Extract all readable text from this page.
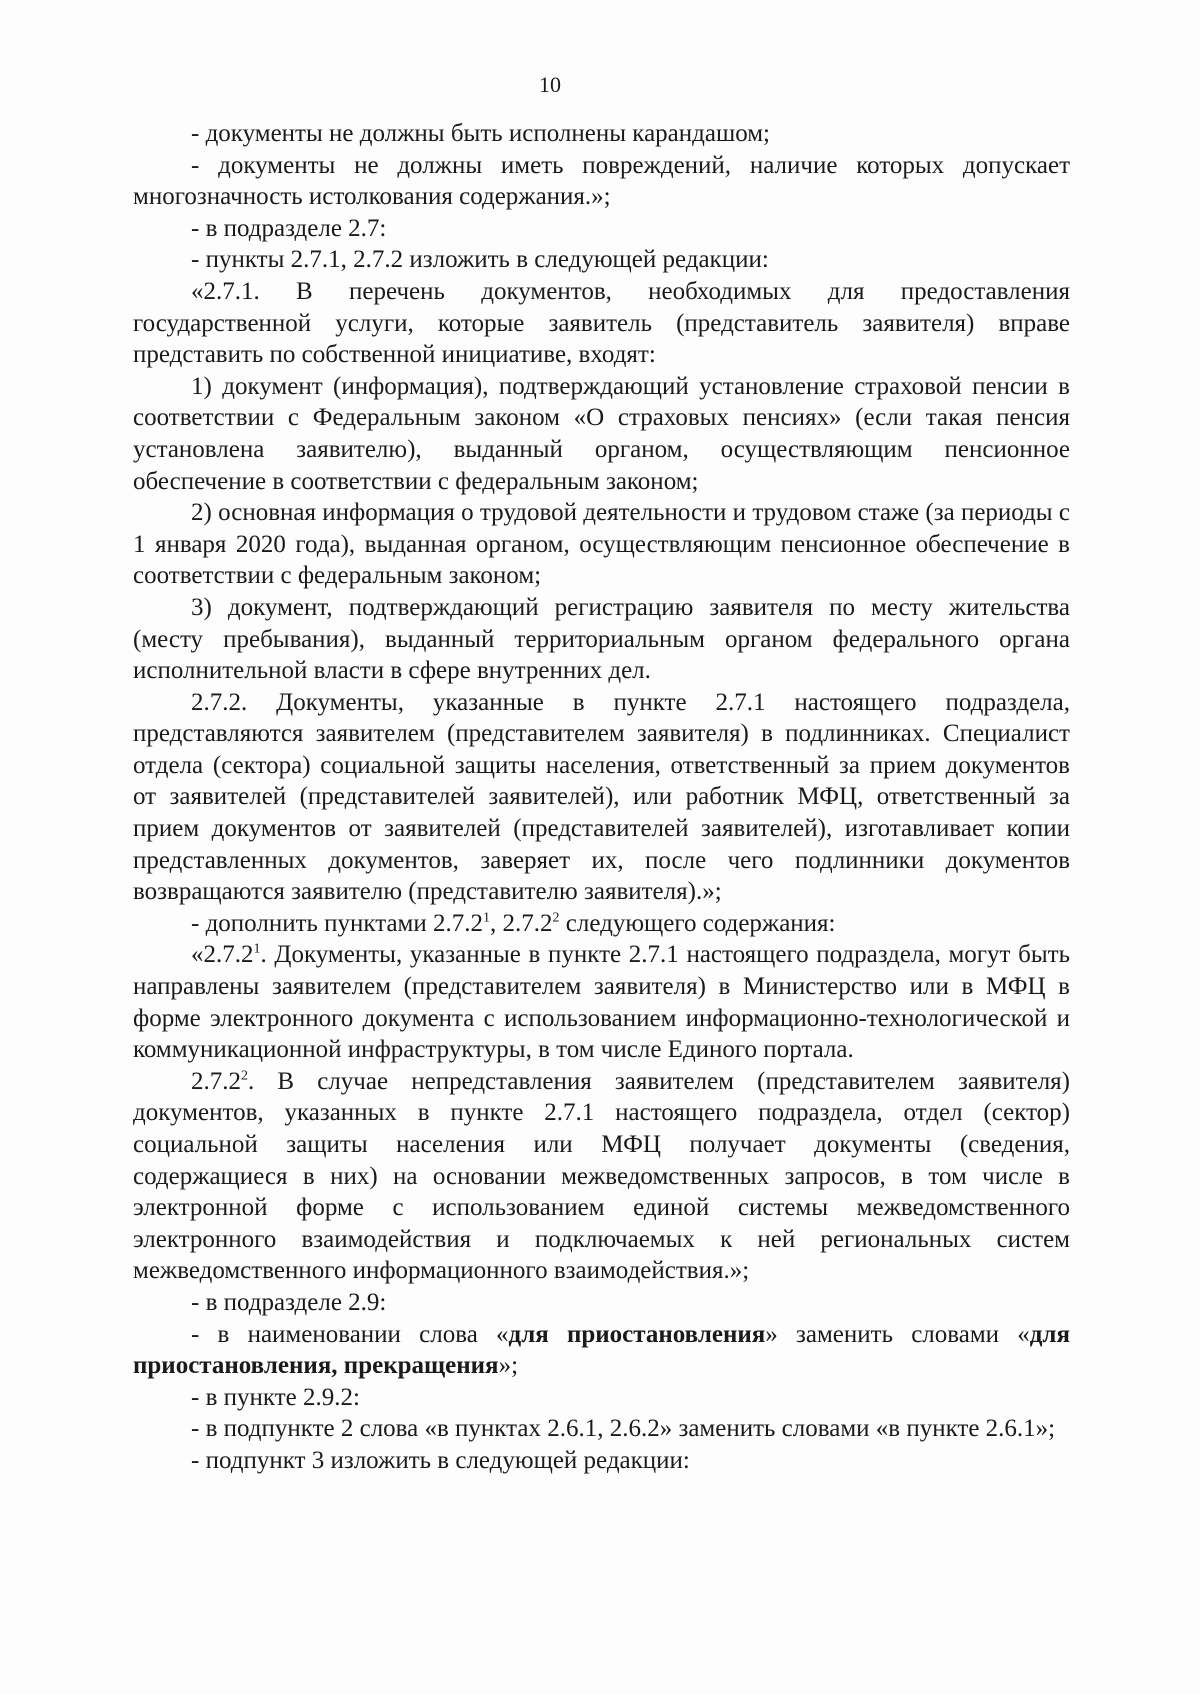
10

- документы не должны быть исполнены карандашом;

- документы не должны иметь повреждений, наличие которых допускает многозначность истолкования содержания.»;

- в подразделе 2.7:

- пункты 2.7.1, 2.7.2 изложить в следующей редакции:

«2.7.1. В перечень документов, необходимых для предоставления государственной услуги, которые заявитель (представитель заявителя) вправе представить по собственной инициативе, входят:

1) документ (информация), подтверждающий установление страховой пенсии в соответствии с Федеральным законом «О страховых пенсиях» (если такая пенсия установлена заявителю), выданный органом, осуществляющим пенсионное обеспечение в соответствии с федеральным законом;

2) основная информация о трудовой деятельности и трудовом стаже (за периоды с 1 января 2020 года), выданная органом, осуществляющим пенсионное обеспечение в соответствии с федеральным законом;

3) документ, подтверждающий регистрацию заявителя по месту жительства (месту пребывания), выданный территориальным органом федерального органа исполнительной власти в сфере внутренних дел.

2.7.2. Документы, указанные в пункте 2.7.1 настоящего подраздела, представляются заявителем (представителем заявителя) в подлинниках. Специалист отдела (сектора) социальной защиты населения, ответственный за прием документов от заявителей (представителей заявителей), или работник МФЦ, ответственный за прием документов от заявителей (представителей заявителей), изготавливает копии представленных документов, заверяет их, после чего подлинники документов возвращаются заявителю (представителю заявителя).»;

- дополнить пунктами 2.7.2$^1$, 2.7.2$^2$ следующего содержания:

«2.7.2$^1$. Документы, указанные в пункте 2.7.1 настоящего подраздела, могут быть направлены заявителем (представителем заявителя) в Министерство или в МФЦ в форме электронного документа с использованием информационно-технологической и коммуникационной инфраструктуры, в том числе Единого портала.

2.7.2$^2$. В случае непредставления заявителем (представителем заявителя) документов, указанных в пункте 2.7.1 настоящего подраздела, отдел (сектор) социальной защиты населения или МФЦ получает документы (сведения, содержащиеся в них) на основании межведомственных запросов, в том числе в электронной форме с использованием единой системы межведомственного электронного взаимодействия и подключаемых к ней региональных систем межведомственного информационного взаимодействия.»;

- в подразделе 2.9:

- в наименовании слова «для приостановления» заменить словами «для приостановления, прекращения»;

- в пункте 2.9.2:

- в подпункте 2 слова «в пунктах 2.6.1, 2.6.2» заменить словами «в пункте 2.6.1»;

- подпункт 3 изложить в следующей редакции:
